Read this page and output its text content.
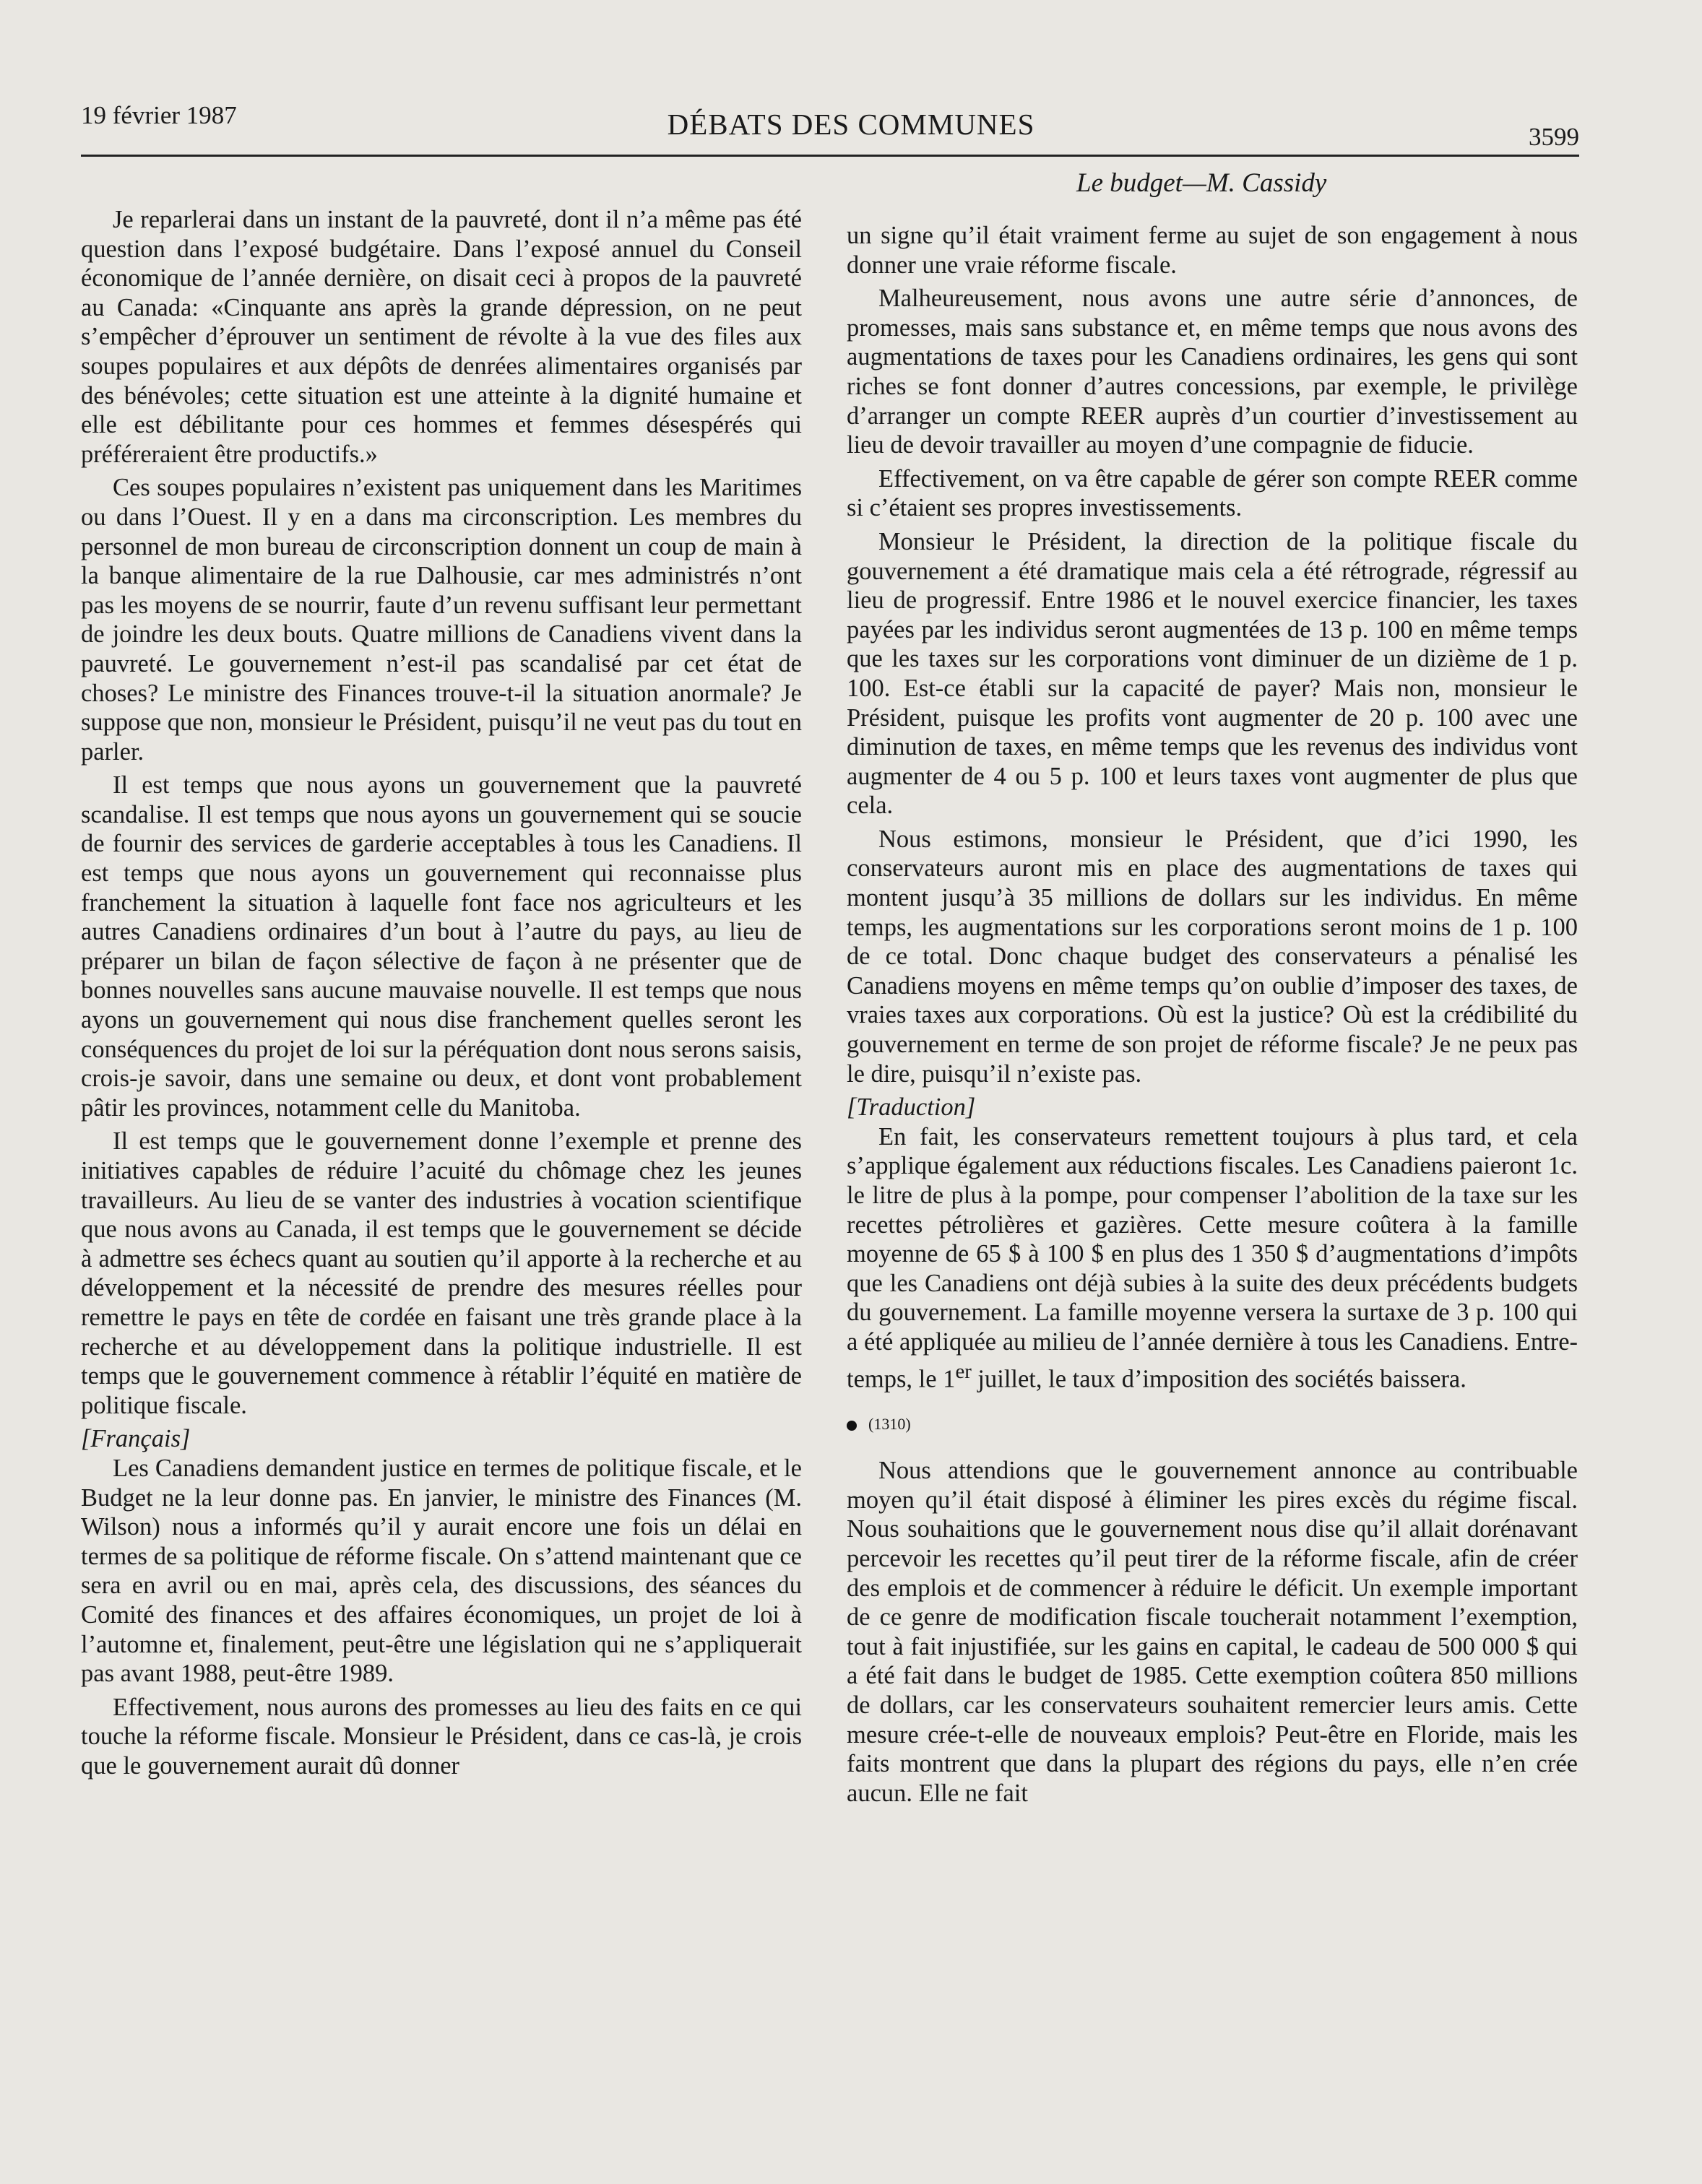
19 février 1987	DÉBATS DES COMMUNES	3599
Le budget—M. Cassidy

Je reparlerai dans un instant de la pauvreté, dont il n’a même pas été question dans l’exposé budgétaire. Dans l’exposé annuel du Conseil économique de l’année dernière, on disait ceci à propos de la pauvreté au Canada: «Cinquante ans après la grande dépression, on ne peut s’empêcher d’éprouver un sentiment de révolte à la vue des files aux soupes populaires et aux dépôts de denrées alimentaires organisés par des bénévoles; cette situation est une atteinte à la dignité humaine et elle est débilitante pour ces hommes et femmes désespérés qui préféreraient être productifs.»

Ces soupes populaires n’existent pas uniquement dans les Maritimes ou dans l’Ouest. Il y en a dans ma circonscription. Les membres du personnel de mon bureau de circonscription donnent un coup de main à la banque alimentaire de la rue Dalhousie, car mes administrés n’ont pas les moyens de se nourrir, faute d’un revenu suffisant leur permettant de joindre les deux bouts. Quatre millions de Canadiens vivent dans la pauvreté. Le gouvernement n’est-il pas scandalisé par cet état de choses? Le ministre des Finances trouve-t-il la situation anormale? Je suppose que non, monsieur le Président, puisqu’il ne veut pas du tout en parler.

Il est temps que nous ayons un gouvernement que la pauvreté scandalise. Il est temps que nous ayons un gouvernement qui se soucie de fournir des services de garderie acceptables à tous les Canadiens. Il est temps que nous ayons un gouvernement qui reconnaisse plus franchement la situation à laquelle font face nos agriculteurs et les autres Canadiens ordinaires d’un bout à l’autre du pays, au lieu de préparer un bilan de façon sélective de façon à ne présenter que de bonnes nouvelles sans aucune mauvaise nouvelle. Il est temps que nous ayons un gouvernement qui nous dise franchement quelles seront les conséquences du projet de loi sur la péréquation dont nous serons saisis, crois-je savoir, dans une semaine ou deux, et dont vont probablement pâtir les provinces, notamment celle du Manitoba.

Il est temps que le gouvernement donne l’exemple et prenne des initiatives capables de réduire l’acuité du chômage chez les jeunes travailleurs. Au lieu de se vanter des industries à vocation scientifique que nous avons au Canada, il est temps que le gouvernement se décide à admettre ses échecs quant au soutien qu’il apporte à la recherche et au développement et la nécessité de prendre des mesures réelles pour remettre le pays en tête de cordée en faisant une très grande place à la recherche et au développement dans la politique industrielle. Il est temps que le gouvernement commence à rétablir l’équité en matière de politique fiscale.

[Français]

Les Canadiens demandent justice en termes de politique fiscale, et le Budget ne la leur donne pas. En janvier, le ministre des Finances (M. Wilson) nous a informés qu’il y aurait encore une fois un délai en termes de sa politique de réforme fiscale. On s’attend maintenant que ce sera en avril ou en mai, après cela, des discussions, des séances du Comité des finances et des affaires économiques, un projet de loi à l’automne et, finalement, peut-être une législation qui ne s’appliquerait pas avant 1988, peut-être 1989.

Effectivement, nous aurons des promesses au lieu des faits en ce qui touche la réforme fiscale. Monsieur le Président, dans ce cas-là, je crois que le gouvernement aurait dû donner

un signe qu’il était vraiment ferme au sujet de son engagement à nous donner une vraie réforme fiscale.

Malheureusement, nous avons une autre série d’annonces, de promesses, mais sans substance et, en même temps que nous avons des augmentations de taxes pour les Canadiens ordinaires, les gens qui sont riches se font donner d’autres concessions, par exemple, le privilège d’arranger un compte REER auprès d’un courtier d’investissement au lieu de devoir travailler au moyen d’une compagnie de fiducie.

Effectivement, on va être capable de gérer son compte REER comme si c’étaient ses propres investissements.

Monsieur le Président, la direction de la politique fiscale du gouvernement a été dramatique mais cela a été rétrograde, régressif au lieu de progressif. Entre 1986 et le nouvel exercice financier, les taxes payées par les individus seront augmentées de 13 p. 100 en même temps que les taxes sur les corporations vont diminuer de un dizième de 1 p. 100. Est-ce établi sur la capacité de payer? Mais non, monsieur le Président, puisque les profits vont augmenter de 20 p. 100 avec une diminution de taxes, en même temps que les revenus des individus vont augmenter de 4 ou 5 p. 100 et leurs taxes vont augmenter de plus que cela.

Nous estimons, monsieur le Président, que d’ici 1990, les conservateurs auront mis en place des augmentations de taxes qui montent jusqu’à 35 millions de dollars sur les individus. En même temps, les augmentations sur les corporations seront moins de 1 p. 100 de ce total. Donc chaque budget des conservateurs a pénalisé les Canadiens moyens en même temps qu’on oublie d’imposer des taxes, de vraies taxes aux corporations. Où est la justice? Où est la crédibilité du gouvernement en terme de son projet de réforme fiscale? Je ne peux pas le dire, puisqu’il n’existe pas.

[Traduction]

En fait, les conservateurs remettent toujours à plus tard, et cela s’applique également aux réductions fiscales. Les Canadiens paieront 1c. le litre de plus à la pompe, pour compenser l’abolition de la taxe sur les recettes pétrolières et gazières. Cette mesure coûtera à la famille moyenne de 65 $ à 100 $ en plus des 1 350 $ d’augmentations d’impôts que les Canadiens ont déjà subies à la suite des deux précédents budgets du gouvernement. La famille moyenne versera la surtaxe de 3 p. 100 qui a été appliquée au milieu de l’année dernière à tous les Canadiens. Entre-temps, le 1er juillet, le taux d’imposition des sociétés baissera.

(1310)

Nous attendions que le gouvernement annonce au contribuable moyen qu’il était disposé à éliminer les pires excès du régime fiscal. Nous souhaitions que le gouvernement nous dise qu’il allait dorénavant percevoir les recettes qu’il peut tirer de la réforme fiscale, afin de créer des emplois et de commencer à réduire le déficit. Un exemple important de ce genre de modification fiscale toucherait notamment l’exemption, tout à fait injustifiée, sur les gains en capital, le cadeau de 500 000 $ qui a été fait dans le budget de 1985. Cette exemption coûtera 850 millions de dollars, car les conservateurs souhaitent remercier leurs amis. Cette mesure crée-t-elle de nouveaux emplois? Peut-être en Floride, mais les faits montrent que dans la plupart des régions du pays, elle n’en crée aucun. Elle ne fait
